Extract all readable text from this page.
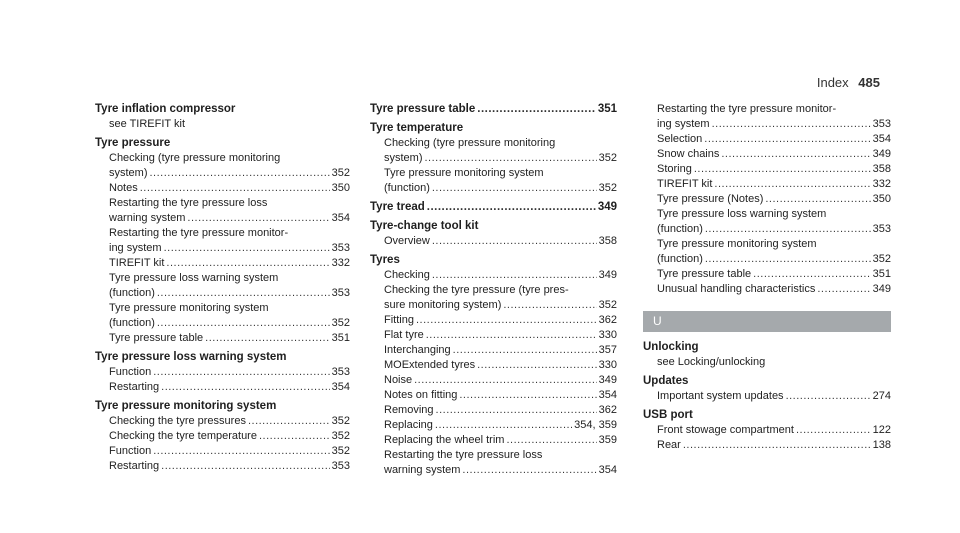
Index 485
Tyre inflation compressor
see TIREFIT kit
Tyre pressure
Checking (tyre pressure monitoring
system) .....	352
Notes .....	350
Restarting the tyre pressure loss
warning system .....	354
Restarting the tyre pressure monitor-
ing system .....	353
TIREFIT kit .....	332
Tyre pressure loss warning system
(function) .....	353
Tyre pressure monitoring system
(function) .....	352
Tyre pressure table .....	351
Tyre pressure loss warning system
Function .....	353
Restarting .....	354
Tyre pressure monitoring system
Checking the tyre pressures .....	352
Checking the tyre temperature .....	352
Function .....	352
Restarting .....	353
Tyre pressure table .....	351
Tyre temperature
Checking (tyre pressure monitoring
system) .....	352
Tyre pressure monitoring system
(function) .....	352
Tyre tread .....	349
Tyre-change tool kit
Overview .....	358
Tyres
Checking .....	349
Checking the tyre pressure (tyre pres-
sure monitoring system) .....	352
Fitting .....	362
Flat tyre .....	330
Interchanging .....	357
MOExtended tyres .....	330
Noise .....	349
Notes on fitting .....	354
Removing .....	362
Replacing .....	354, 359
Replacing the wheel trim .....	359
Restarting the tyre pressure loss
warning system .....	354
Restarting the tyre pressure monitor-
ing system .....	353
Selection .....	354
Snow chains .....	349
Storing .....	358
TIREFIT kit .....	332
Tyre pressure (Notes) .....	350
Tyre pressure loss warning system
(function) .....	353
Tyre pressure monitoring system
(function) .....	352
Tyre pressure table .....	351
Unusual handling characteristics .....	349
U
Unlocking
see Locking/unlocking
Updates
Important system updates .....	274
USB port
Front stowage compartment .....	122
Rear .....	138
